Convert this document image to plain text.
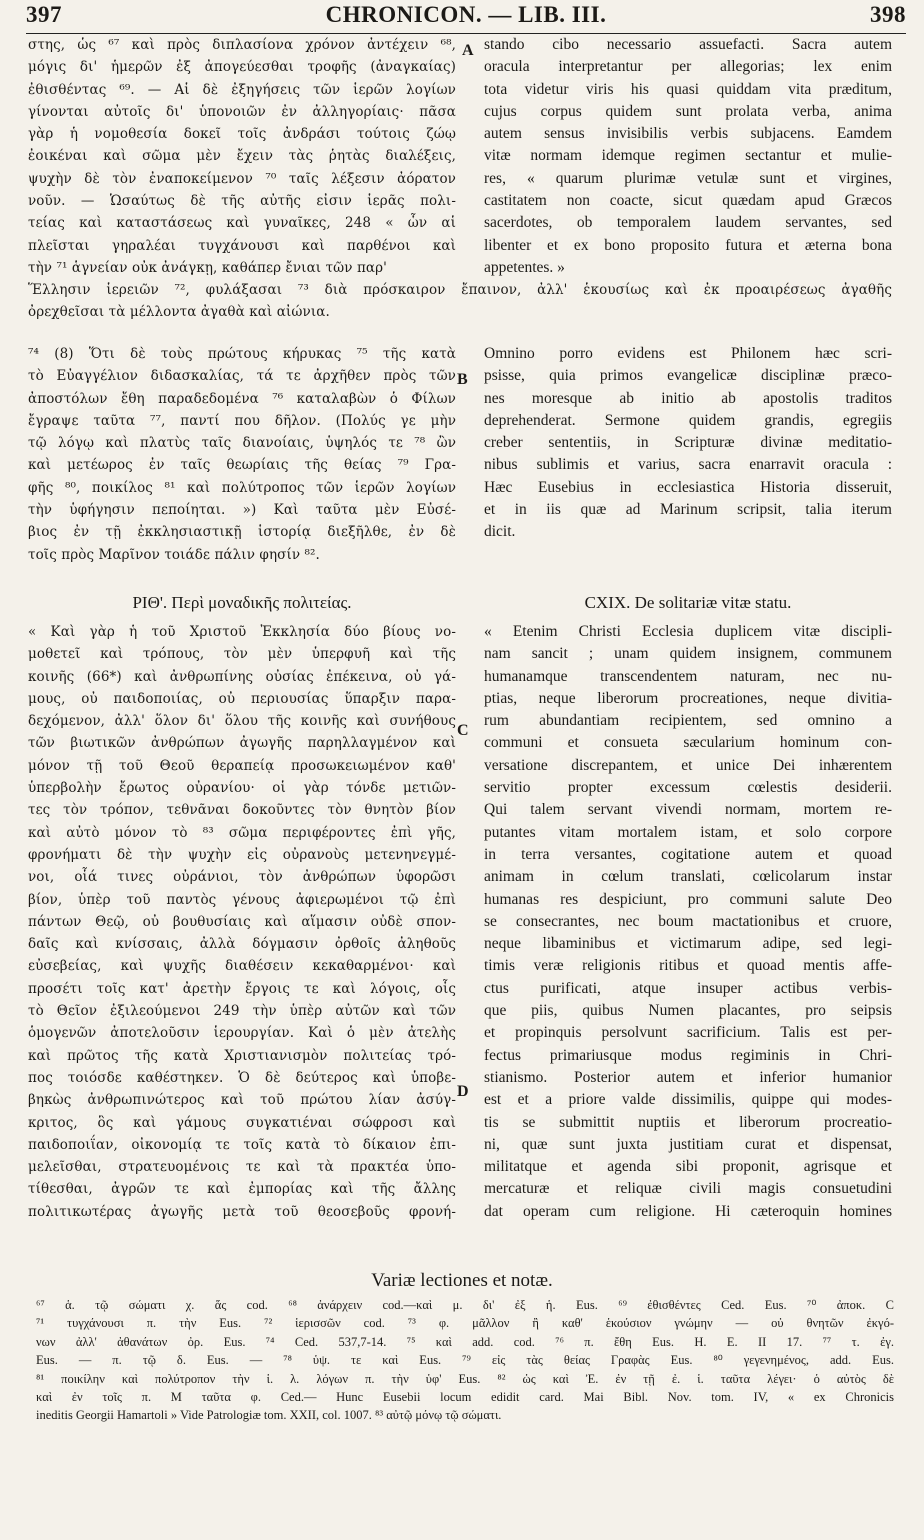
397	CHRONICON. — LIB. III.	398

στης, ὡς ⁶⁷ καὶ πρὸς διπλασίονα χρόνον ἀντέχειν ⁶⁸,

μόγις δι' ἡμερῶν ἐξ ἀπογεύεσθαι τροφῆς (ἀναγκαίας)

ἐθισθέντας ⁶⁹. — Αἱ δὲ ἐξηγήσεις τῶν ἱερῶν λογίων

γίνονται αὐτοῖς δι' ὑπονοιῶν ἐν ἀλληγορίαις· πᾶσα

γὰρ ἡ νομοθεσία δοκεῖ τοῖς ἀνδράσι τούτοις ζώῳ

ἐοικέναι καὶ σῶμα μὲν ἔχειν τὰς ῥητὰς διαλέξεις,

ψυχὴν δὲ τὸν ἐναποκείμενον ⁷⁰ ταῖς λέξεσιν ἀόρατον

νοῦν. — Ὡσαύτως δὲ τῆς αὐτῆς εἰσιν ἱερᾶς πολι-

τείας καὶ καταστάσεως καὶ γυναῖκες, 248 « ὧν αἱ

πλεῖσται γηραλέαι τυγχάνουσι καὶ παρθένοι καὶ

τὴν ⁷¹ ἁγνείαν οὐκ ἀνάγκῃ, καθάπερ ἔνιαι τῶν παρ'

stando cibo necessario assuefacti. Sacra autem

oracula interpretantur per allegorias; lex enim

tota videtur viris his quasi quiddam vita præditum,

cujus corpus quidem sunt prolata verba, anima

autem sensus invisibilis verbis subjacens. Eamdem

vitæ normam idemque regimen sectantur et mulie-

res, « quarum plurimæ vetulæ sunt et virgines,

castitatem non coacte, sicut quædam apud Græcos

sacerdotes, ob temporalem laudem servantes, sed

libenter et ex bono proposito futura et æterna bona

appetentes. »

Ἕλλησιν ἱερειῶν ⁷², φυλάξασαι ⁷³ διὰ πρόσκαιρον ἔπαινον, ἀλλ' ἑκουσίως καὶ ἐκ προαιρέσεως ἀγαθῆς

ὀρεχθεῖσαι τὰ μέλλοντα ἀγαθὰ καὶ αἰώνια.

⁷⁴ (8) Ὅτι δὲ τοὺς πρώτους κήρυκας ⁷⁵ τῆς κατὰ

τὸ Εὐαγγέλιον διδασκαλίας, τά τε ἀρχῆθεν πρὸς τῶν

ἀποστόλων ἔθη παραδεδομένα ⁷⁶ καταλαβὼν ὁ Φίλων

ἔγραψε ταῦτα ⁷⁷, παντί που δῆλον. (Πολύς γε μὴν

τῷ λόγῳ καὶ πλατὺς ταῖς διανοίαις, ὑψηλός τε ⁷⁸ ὢν

καὶ μετέωρος ἐν ταῖς θεωρίαις τῆς θείας ⁷⁹ Γρα-

φῆς ⁸⁰, ποικίλος ⁸¹ καὶ πολύτροπος τῶν ἱερῶν λογίων

τὴν ὑφήγησιν πεποίηται. ») Καὶ ταῦτα μὲν Εὐσέ-

βιος ἐν τῇ ἐκκλησιαστικῇ ἱστορίᾳ διεξῆλθε, ἐν δὲ

τοῖς πρὸς Μαρῖνον τοιάδε πάλιν φησίν ⁸².

Omnino porro evidens est Philonem hæc scri-

psisse, quia primos evangelicæ disciplinæ præco-

nes moresque ab initio ab apostolis traditos

deprehenderat. Sermone quidem grandis, egregiis

creber sententiis, in Scripturæ divinæ meditatio-

nibus sublimis et varius, sacra enarravit oracula :

Hæc Eusebius in ecclesiastica Historia disseruit,

et in iis quæ ad Marinum scripsit, talia iterum

dicit.

ΡΙΘ'. Περὶ μοναδικῆς πολιτείας.	CXIX. De solitariæ vitæ statu.

« Καὶ γὰρ ἡ τοῦ Χριστοῦ Ἐκκλησία δύο βίους νο-

μοθετεῖ καὶ τρόπους, τὸν μὲν ὑπερφυῆ καὶ τῆς

κοινῆς (66*) καὶ ἀνθρωπίνης οὐσίας ἐπέκεινα, οὐ γά-

μους, οὐ παιδοποιίας, οὐ περιουσίας ὕπαρξιν παρα-

δεχόμενον, ἀλλ' ὅλον δι' ὅλου τῆς κοινῆς καὶ συνήθους

τῶν βιωτικῶν ἀνθρώπων ἀγωγῆς παρηλλαγμένον καὶ

μόνον τῇ τοῦ Θεοῦ θεραπείᾳ προσωκειωμένον καθ'

ὑπερβολὴν ἔρωτος οὐρανίου· οἱ γὰρ τόνδε μετιῶν-

τες τὸν τρόπον, τεθνᾶναι δοκοῦντες τὸν θνητὸν βίον

καὶ αὐτὸ μόνον τὸ ⁸³ σῶμα περιφέροντες ἐπὶ γῆς,

φρονήματι δὲ τὴν ψυχὴν εἰς οὐρανοὺς μετενηνεγμέ-

νοι, οἷά τινες οὐράνιοι, τὸν ἀνθρώπων ὑφορῶσι

βίον, ὑπὲρ τοῦ παντὸς γένους ἀφιερωμένοι τῷ ἐπὶ

πάντων Θεῷ, οὐ βουθυσίαις καὶ αἵμασιν οὐδὲ σπον-

δαῖς καὶ κνίσσαις, ἀλλὰ δόγμασιν ὀρθοῖς ἀληθοῦς

εὐσεβείας, καὶ ψυχῆς διαθέσειν κεκαθαρμένοι· καὶ

προσέτι τοῖς κατ' ἀρετὴν ἔργοις τε καὶ λόγοις, οἷς

τὸ Θεῖον ἐξιλεούμενοι 249 τὴν ὑπὲρ αὐτῶν καὶ τῶν

ὁμογενῶν ἀποτελοῦσιν ἱερουργίαν. Καὶ ὁ μὲν ἀτελὴς

καὶ πρῶτος τῆς κατὰ Χριστιανισμὸν πολιτείας τρό-

πος τοιόσδε καθέστηκεν. Ὁ δὲ δεύτερος καὶ ὑποβε-

βηκὼς ἀνθρωπινώτερος καὶ τοῦ πρώτου λίαν ἀσύγ-

κριτος, ὃς καὶ γάμους συγκατιέναι σώφροσι καὶ

παιδοποιΐαν, οἰκονομίᾳ τε τοῖς κατὰ τὸ δίκαιον ἐπι-

μελεῖσθαι, στρατευομένοις τε καὶ τὰ πρακτέα ὑπο-

τίθεσθαι, ἀγρῶν τε καὶ ἐμπορίας καὶ τῆς ἄλλης

πολιτικωτέρας ἀγωγῆς μετὰ τοῦ θεοσεβοῦς φρονή-

« Etenim Christi Ecclesia duplicem vitæ discipli-

nam sancit ; unam quidem insignem, communem

humanamque transcendentem naturam, nec nu-

ptias, neque liberorum procreationes, neque divitia-

rum abundantiam recipientem, sed omnino a

communi et consueta sæcularium hominum con-

versatione discrepantem, et unice Dei inhærentem

servitio propter excessum cœlestis desiderii.

Qui talem servant vivendi normam, mortem re-

putantes vitam mortalem istam, et solo corpore

in terra versantes, cogitatione autem et quoad

animam in cœlum translati, cœlicolarum instar

humanas res despiciunt, pro communi salute Deo

se consecrantes, nec boum mactationibus et cruore,

neque libaminibus et victimarum adipe, sed legi-

timis veræ religionis ritibus et quoad mentis affe-

ctus purificati, atque insuper actibus verbis-

que piis, quibus Numen placantes, pro seipsis

et propinquis persolvunt sacrificium. Talis est per-

fectus primariusque modus regiminis in Chri-

stianismo. Posterior autem et inferior humanior

est et a priore valde dissimilis, quippe qui modes-

tis se submittit nuptiis et liberorum procreatio-

ni, quæ sunt juxta justitiam curat et dispensat,

militatque et agenda sibi proponit, agrisque et

mercaturæ et reliquæ civili magis consuetudini

dat operam cum religione. Hi cæteroquin homines

A
B
C
D
Variæ lectiones et notæ.

⁶⁷ ἁ. τῷ σώματι χ. ἅς cod. ⁶⁸ ἀνάρχειν cod.—καὶ μ. δι' ἐξ ἡ. Eus. ⁶⁹ ἐθισθέντες Ced. Eus. ⁷⁰ ἀποκ. C

⁷¹ τυγχάνουσι π. τὴν Eus. ⁷² ἱερισσῶν cod. ⁷³ φ. μᾶλλον ἢ καθ' ἑκούσιον γνώμην — οὐ θνητῶν ἐκγό-

νων ἀλλ' ἀθανάτων ὀρ. Eus. ⁷⁴ Ced. 537,7-14. ⁷⁵ καὶ add. cod. ⁷⁶ π. ἔθη Eus. H. E. II 17. ⁷⁷ τ. ἐγ.

Eus. — π. τῷ δ. Eus. — ⁷⁸ ὑψ. τε καὶ Eus. ⁷⁹ εἰς τὰς θείας Γραφὰς Eus. ⁸⁰ γεγενημένος, add. Eus.

⁸¹ ποικίλην καὶ πολύτροπον τὴν ἱ. λ. λόγων π. τὴν ὑφ' Eus. ⁸² ὡς καὶ Ἐ. ἐν τῇ ἐ. ἱ. ταῦτα λέγει· ὁ αὐτὸς δὲ

καὶ ἐν τοῖς π. Μ ταῦτα φ. Ced.— Hunc Eusebii locum edidit card. Mai Bibl. Nov. tom. IV, « ex Chronicis

ineditis Georgii Hamartoli » Vide Patrologiæ tom. XXII, col. 1007. ⁸³ αὐτῷ μόνῳ τῷ σώματι.
